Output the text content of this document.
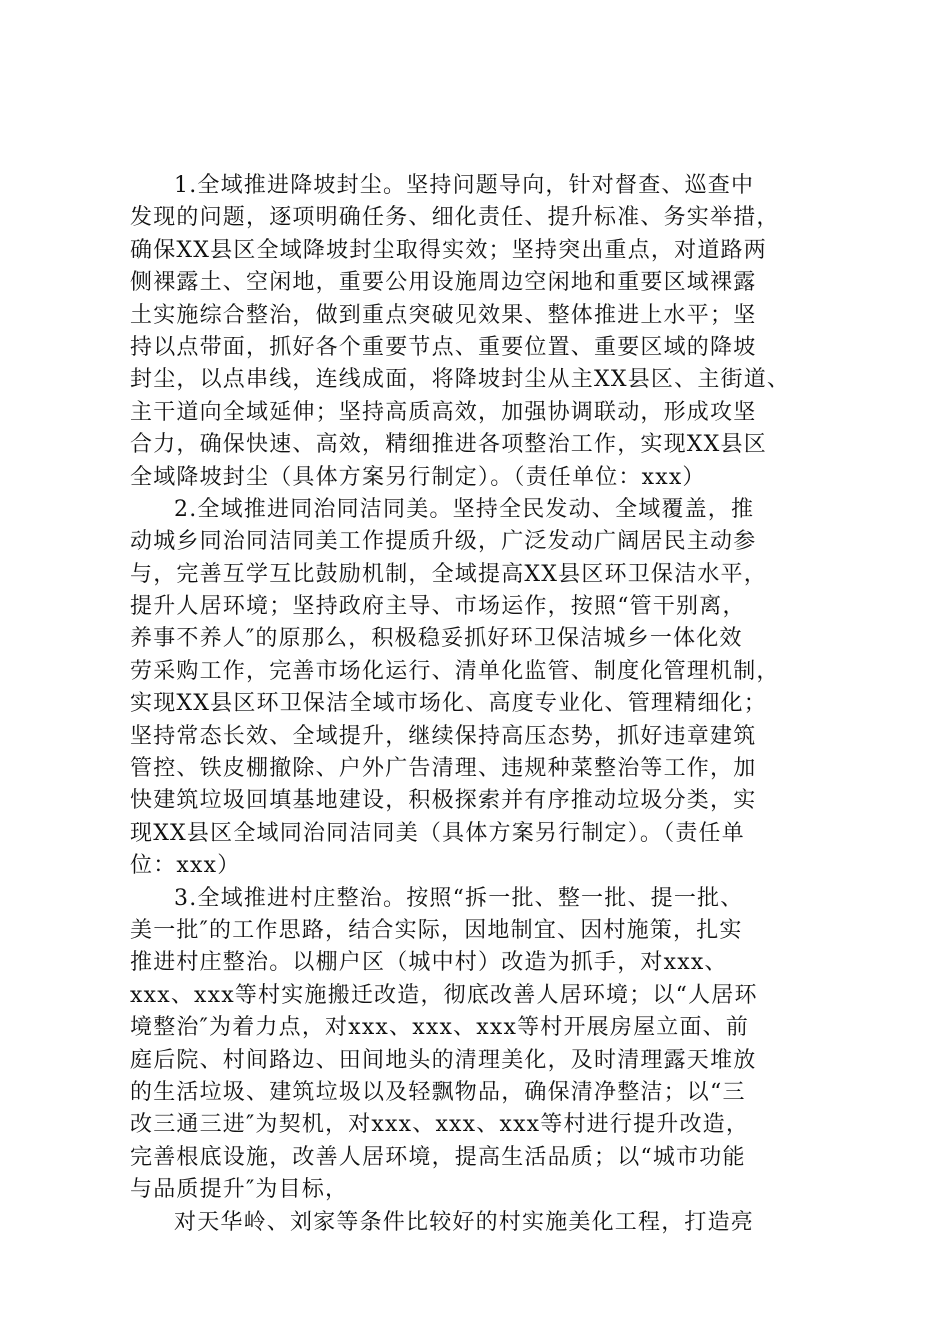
1.全域推进降坡封尘。坚持问题导向，针对督查、巡查中
发现的问题，逐项明确任务、细化责任、提升标准、务实举措，
确保XX县区全域降坡封尘取得实效；坚持突出重点，对道路两
侧裸露土、空闲地，重要公用设施周边空闲地和重要区域裸露
土实施综合整治，做到重点突破见效果、整体推进上水平；坚
持以点带面，抓好各个重要节点、重要位置、重要区域的降坡
封尘，以点串线，连线成面，将降坡封尘从主XX县区、主街道、
主干道向全域延伸；坚持高质高效，加强协调联动，形成攻坚
合力，确保快速、高效，精细推进各项整治工作，实现XX县区
全域降坡封尘（具体方案另行制定）。（责任单位：xxx）
2.全域推进同治同洁同美。坚持全民发动、全域覆盖，推
动城乡同治同洁同美工作提质升级，广泛发动广阔居民主动参
与，完善互学互比鼓励机制，全域提高XX县区环卫保洁水平，
提升人居环境；坚持政府主导、市场运作，按照“管干别离，
养事不养人″的原那么，积极稳妥抓好环卫保洁城乡一体化效
劳采购工作，完善市场化运行、清单化监管、制度化管理机制，
实现XX县区环卫保洁全域市场化、高度专业化、管理精细化；
坚持常态长效、全域提升，继续保持高压态势，抓好违章建筑
管控、铁皮棚撤除、户外广告清理、违规种菜整治等工作，加
快建筑垃圾回填基地建设，积极探索并有序推动垃圾分类，实
现XX县区全域同治同洁同美（具体方案另行制定）。（责任单
位：xxx）
3.全域推进村庄整治。按照“拆一批、整一批、提一批、
美一批″的工作思路，结合实际，因地制宜、因村施策，扎实
推进村庄整治。以棚户区（城中村）改造为抓手，对xxx、
xxx、xxx等村实施搬迁改造，彻底改善人居环境；以“人居环
境整治″为着力点，对xxx、xxx、xxx等村开展房屋立面、前
庭后院、村间路边、田间地头的清理美化，及时清理露天堆放
的生活垃圾、建筑垃圾以及轻飘物品，确保清净整洁；以“三
改三通三进″为契机，对xxx、xxx、xxx等村进行提升改造，
完善根底设施，改善人居环境，提高生活品质；以“城市功能
与品质提升″为目标，
对天华岭、刘家等条件比较好的村实施美化工程，打造亮
